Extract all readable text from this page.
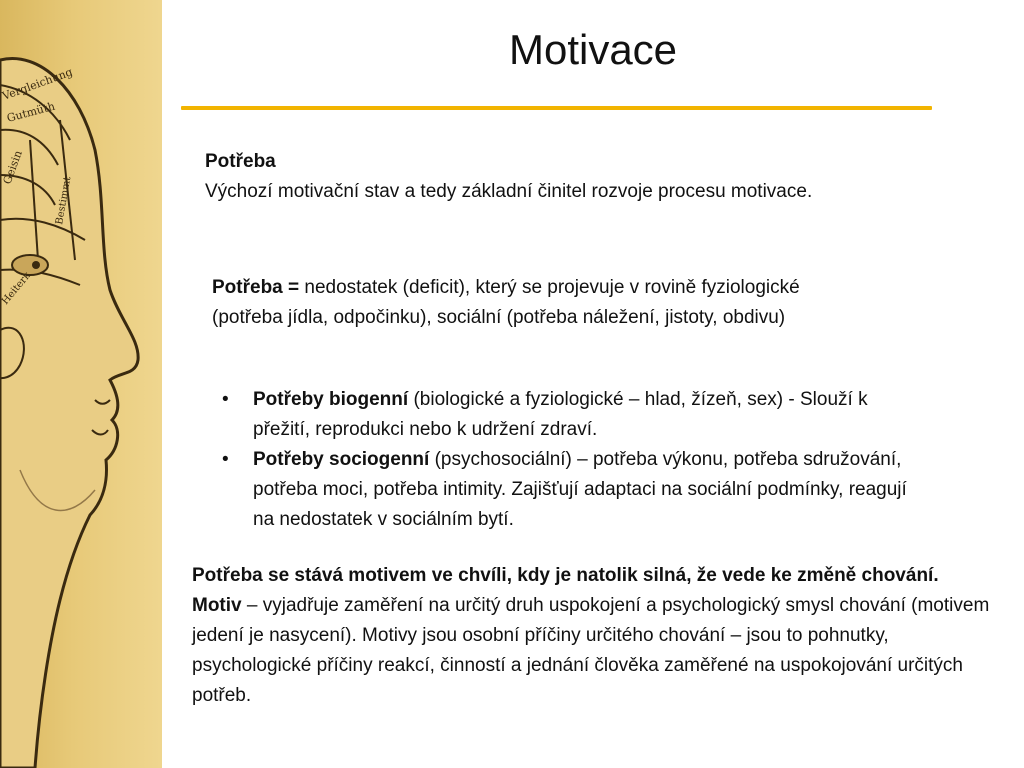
Vergleichung
Gutmüth
Geisin
Bestimmt
Heiterk
Motivace
Potřeba
Výchozí motivační stav a tedy základní činitel rozvoje procesu motivace.
Potřeba = nedostatek (deficit), který se projevuje v rovině fyziologické (potřeba jídla, odpočinku), sociální (potřeba náležení, jistoty, obdivu)
• Potřeby biogenní (biologické a fyziologické – hlad, žízeň, sex) - Slouží k přežití, reprodukci nebo k udržení zdraví.
• Potřeby sociogenní (psychosociální) – potřeba výkonu, potřeba sdružování, potřeba moci, potřeba intimity. Zajišťují adaptaci na sociální podmínky, reagují na nedostatek v sociálním bytí.
Potřeba se stává motivem ve chvíli, kdy je natolik silná, že vede ke změně chování.
Motiv – vyjadřuje zaměření na určitý druh uspokojení a psychologický smysl chování (motivem jedení je nasycení). Motivy jsou osobní příčiny určitého chování – jsou to pohnutky, psychologické příčiny reakcí, činností a jednání člověka zaměřené na uspokojování určitých potřeb.
